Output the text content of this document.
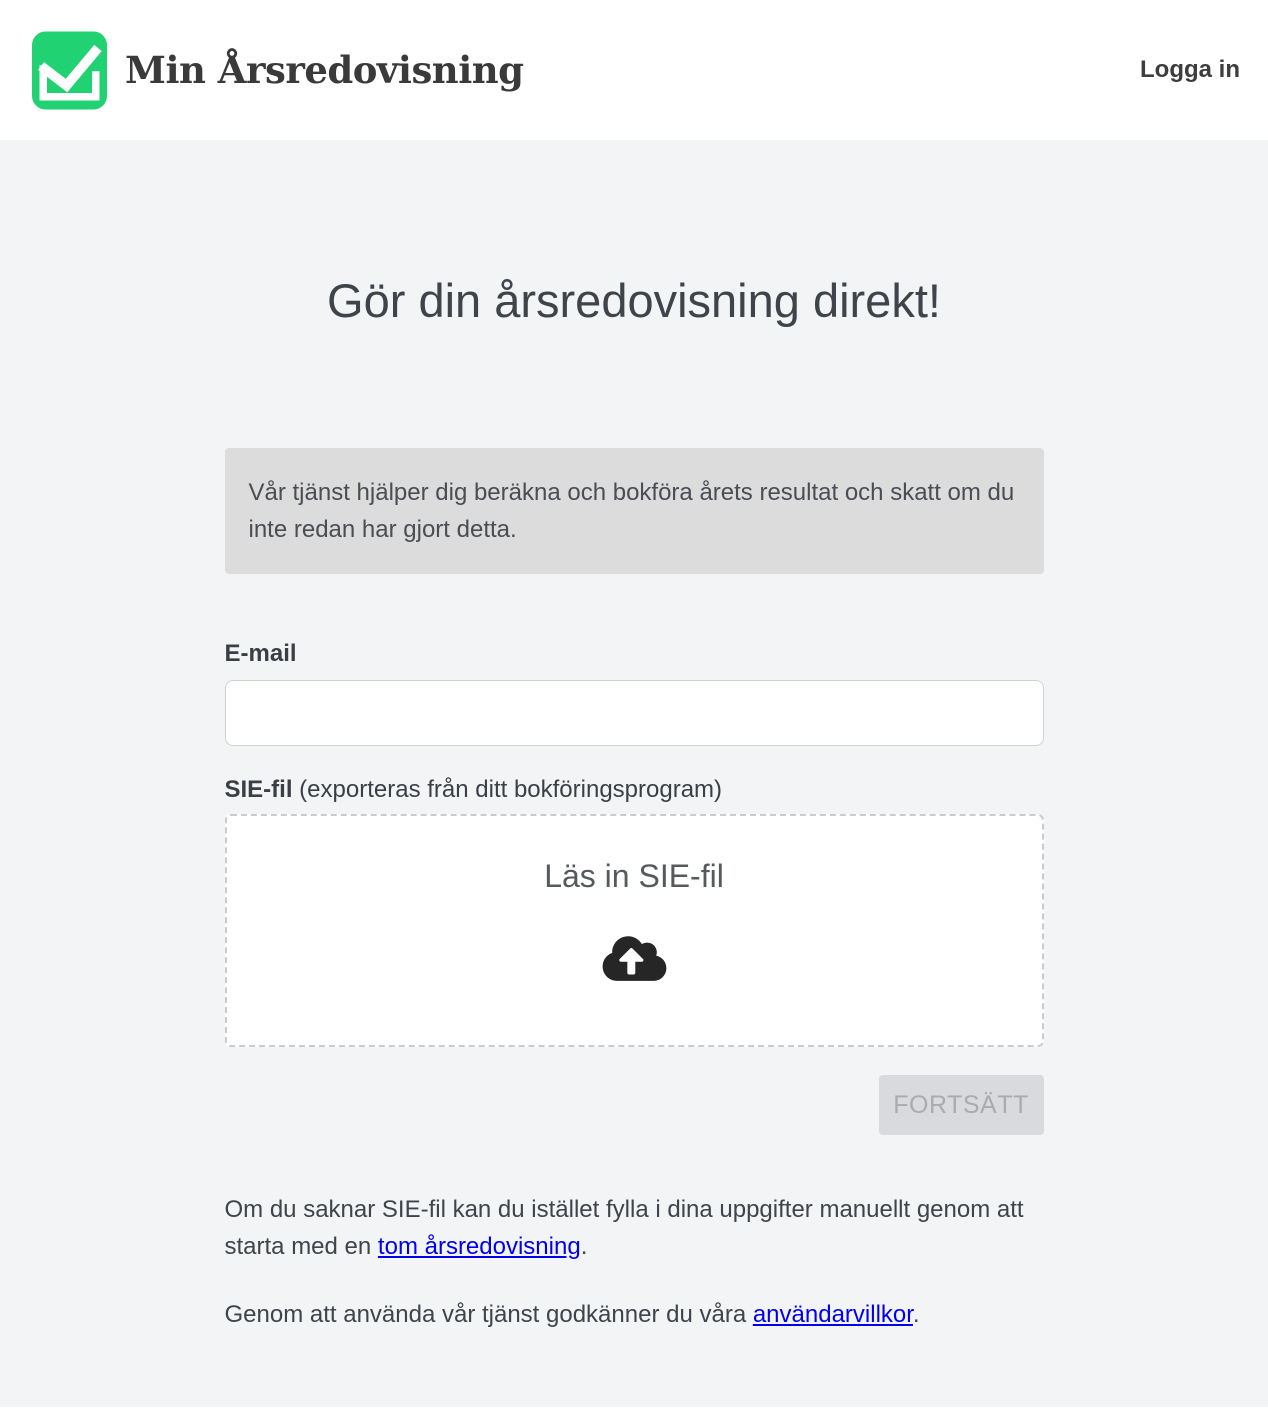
Min Årsredovisning	Logga in
Gör din årsredovisning direkt!
Vår tjänst hjälper dig beräkna och bokföra årets resultat och skatt om du inte redan har gjort detta.
E-mail
SIE-fil (exporteras från ditt bokföringsprogram)
Läs in SIE-fil
FORTSÄTT

Om du saknar SIE-fil kan du istället fylla i dina uppgifter manuellt genom att starta med en tom årsredovisning.

Genom att använda vår tjänst godkänner du våra användarvillkor.
